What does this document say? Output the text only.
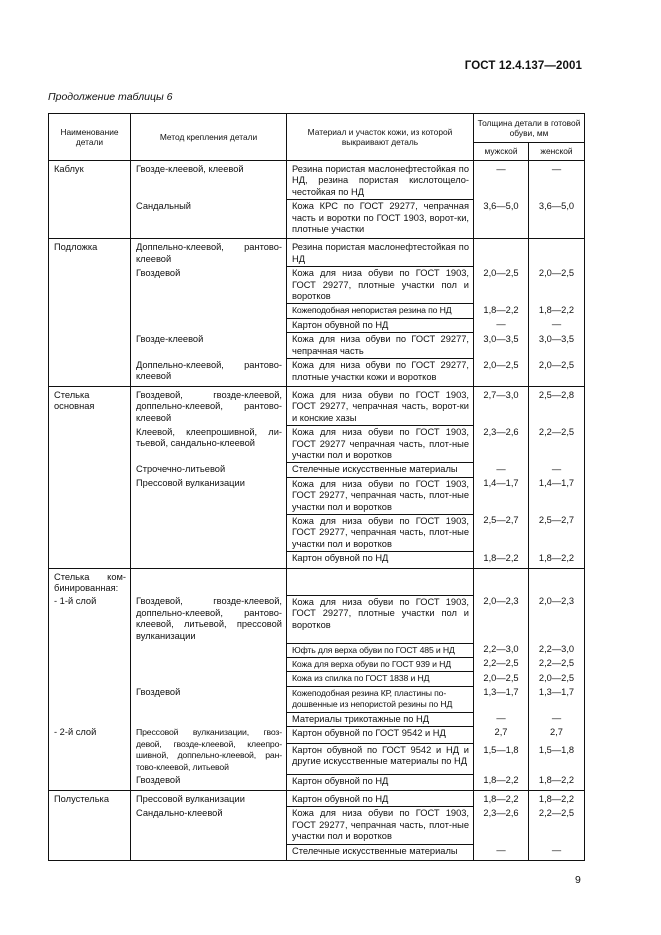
ГОСТ 12.4.137—2001
Продолжение таблицы 6
Наименование детали	Метод крепления детали	Материал и участок кожи, из которой выкраивают деталь	Толщина детали в готовой обуви, мм	
			мужской	женской
Каблук	Гвоздe-клеевой, клеевой	Резина пористая маслонефтестойкая по НД, резина пористая кислотощело-честойкая по НД	—	—
	Сандальный	Кожа КРС по ГОСТ 29277, чепрачная часть и воротки по ГОСТ 1903, ворот-ки, плотные участки	3,6—5,0	3,6—5,0
Подложка	Доппельно-клеевой, рантово-клеевой	Резина пористая маслонефтестойкая по НД		
	Гвоздевой	Кожа для низа обуви по ГОСТ 1903, ГОСТ 29277, плотные участки пол и воротков	2,0—2,5	2,0—2,5
		Кожеподобная непористая резина по НД	1,8—2,2	1,8—2,2
		Картон обувной по НД	—	—
	Гвоздe-клеевой	Кожа для низа обуви по ГОСТ 29277, чепрачная часть	3,0—3,5	3,0—3,5
	Доппельно-клеевой, рантово-клеевой	Кожа для низа обуви по ГОСТ 29277, плотные участки кожи и воротков	2,0—2,5	2,0—2,5
Стелька основная	Гвоздевой, гвоздe-клеевой, доппельно-клеевой, рантово-клеевой	Кожа для низа обуви по ГОСТ 1903, ГОСТ 29277, чепрачная часть, ворот-ки и конские хазы	2,7—3,0	2,5—2,8
	Клеевой, клеепрошивной, ли-тьевой, сандально-клеевой	Кожа для низа обуви по ГОСТ 1903, ГОСТ 29277 чепрачная часть, плот-ные участки пол и воротков	2,3—2,6	2,2—2,5
	Строчечно-литьевой	Стелечные искусственные материалы	—	—
	Прессовой вулканизации	Кожа для низа обуви по ГОСТ 1903, ГОСТ 29277, чепрачная часть, плот-ные участки пол и воротков	1,4—1,7	1,4—1,7
		Кожа для низа обуви по ГОСТ 1903, ГОСТ 29277, чепрачная часть, плот-ные участки пол и воротков	2,5—2,7	2,5—2,7
		Картон обувной по НД	1,8—2,2	1,8—2,2
Стелька ком-бинированная:				
- 1-й слой	Гвоздевой, гвоздe-клеевой, доппельно-клеевой, рантово-клеевой, литьевой, прессовой вулканизации	Кожа для низа обуви по ГОСТ 1903, ГОСТ 29277, плотные участки пол и воротков	2,0—2,3	2,0—2,3
		Юфть для верха обуви по ГОСТ 485 и НД	2,2—3,0	2,2—3,0
		Кожа для верха обуви по ГОСТ 939 и НД	2,2—2,5	2,2—2,5
		Кожа из спилка по ГОСТ 1838 и НД	2,0—2,5	2,0—2,5
	Гвоздевой	Кожеподобная резина КР, пластины по-дошвенные из непористой резины по НД	1,3—1,7	1,3—1,7
		Материалы трикотажные по НД	—	—
- 2-й слой	Прессовой вулканизации, гвоз-девой, гвоздe-клеевой, клеепро-шивной, доппельно-клеевой, ран-тово-клеевой, литьевой	Картон обувной по ГОСТ 9542 и НД	2,7	2,7
		Картон обувной по ГОСТ 9542 и НД и другие искусственные материалы по НД	1,5—1,8	1,5—1,8
	Гвоздевой	Картон обувной по НД	1,8—2,2	1,8—2,2
Полустелька	Прессовой вулканизации	Картон обувной по НД	1,8—2,2	1,8—2,2
	Сандально-клеевой	Кожа для низа обуви по ГОСТ 1903, ГОСТ 29277, чепрачная часть, плот-ные участки пол и воротков	2,3—2,6	2,2—2,5
		Стелечные искусственные материалы	—	—
9
